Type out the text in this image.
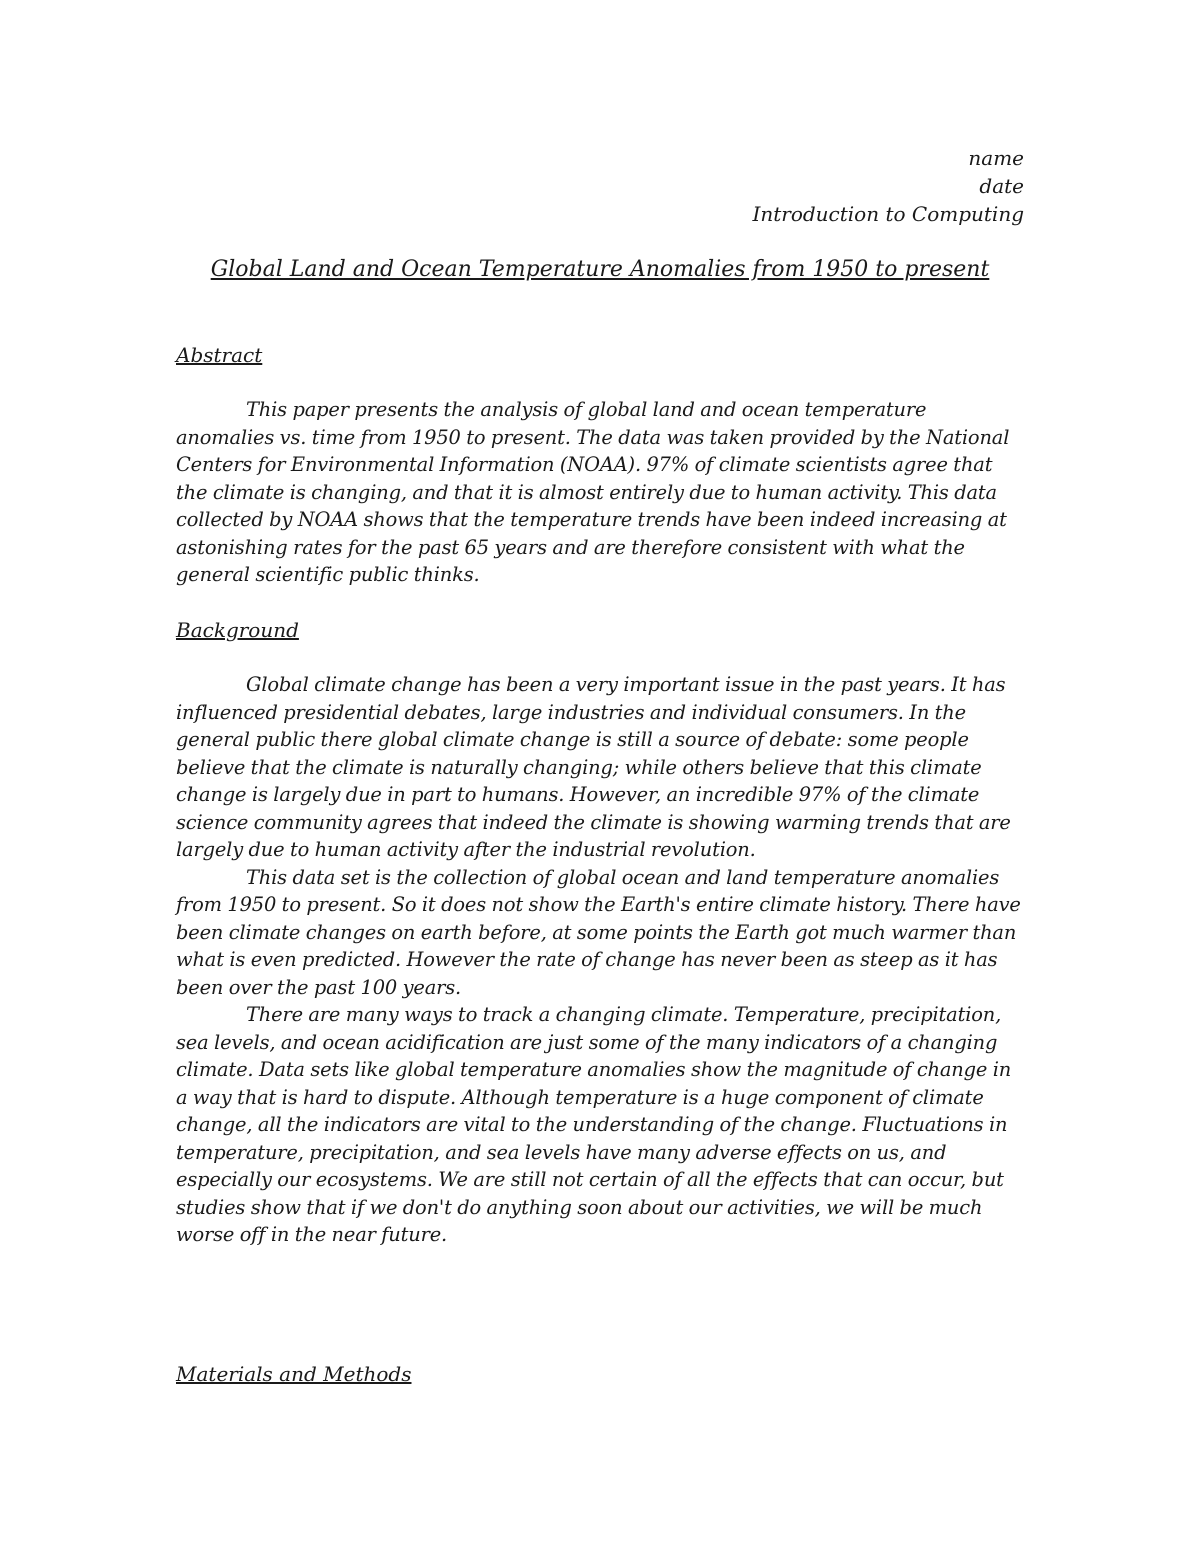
name
date
Introduction to Computing
Global Land and Ocean Temperature Anomalies from 1950 to present
Abstract

This paper presents the analysis of global land and ocean temperature anomalies vs. time from 1950 to present. The data was taken provided by the National Centers for Environmental Information (NOAA). 97% of climate scientists agree that the climate is changing, and that it is almost entirely due to human activity. This data collected by NOAA shows that the temperature trends have been indeed increasing at astonishing rates for the past 65 years and are therefore consistent with what the general scientific public thinks.

Background

Global climate change has been a very important issue in the past years. It has influenced presidential debates, large industries and individual consumers. In the general public there global climate change is still a source of debate: some people believe that the climate is naturally changing; while others believe that this climate change is largely due in part to humans. However, an incredible 97% of the climate science community agrees that indeed the climate is showing warming trends that are largely due to human activity after the industrial revolution.

This data set is the collection of global ocean and land temperature anomalies from 1950 to present. So it does not show the Earth's entire climate history. There have been climate changes on earth before, at some points the Earth got much warmer than what is even predicted. However the rate of change has never been as steep as it has been over the past 100 years.

There are many ways to track a changing climate. Temperature, precipitation, sea levels, and ocean acidification are just some of the many indicators of a changing climate. Data sets like global temperature anomalies show the magnitude of change in a way that is hard to dispute. Although temperature is a huge component of climate change, all the indicators are vital to the understanding of the change. Fluctuations in temperature, precipitation, and sea levels have many adverse effects on us, and especially our ecosystems. We are still not certain of all the effects that can occur, but studies show that if we don't do anything soon about our activities, we will be much worse off in the near future.

Materials and Methods
